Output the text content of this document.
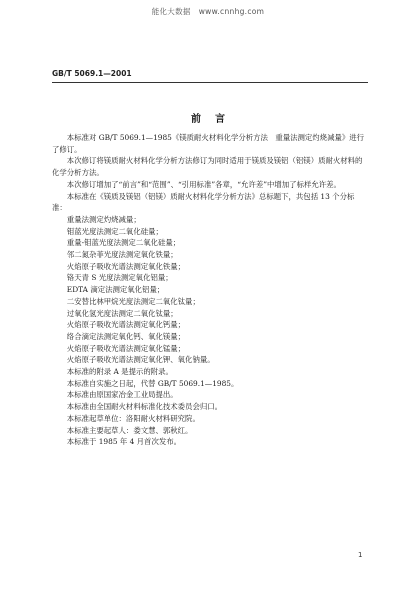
能化大数据   www.cnnhg.com
GB/T 5069.1—2001
前言

本标准对 GB/T 5069.1—1985《镁质耐火材料化学分析方法　重量法测定灼烧减量》进行了修订。

本次修订将镁质耐火材料化学分析方法修订为同时适用于镁质及镁铝（铝镁）质耐火材料的化学分析方法。

本次修订增加了“前言”和“范围”、“引用标准”各章，“允许差”中增加了标样允许差。

本标准在《镁质及镁铝（铝镁）质耐火材料化学分析方法》总标题下，共包括 13 个分标准：

重量法测定灼烧减量；

钼蓝光度法测定二氧化硅量；

重量-钼蓝光度法测定二氧化硅量；

邻二氮杂菲光度法测定氧化铁量；

火焰原子吸收光谱法测定氧化铁量；

铬天青 S 光度法测定氧化铝量；

EDTA 滴定法测定氧化铝量；

二安替比林甲烷光度法测定二氧化钛量；

过氧化氢光度法测定二氧化钛量；

火焰原子吸收光谱法测定氧化钙量；

络合滴定法测定氧化钙、氧化镁量；

火焰原子吸收光谱法测定氧化锰量；

火焰原子吸收光谱法测定氧化钾、氧化钠量。

本标准的附录 A 是提示的附录。

本标准自实施之日起，代替 GB/T 5069.1—1985。

本标准由原国家冶金工业局提出。

本标准由全国耐火材料标准化技术委员会归口。

本标准起草单位：洛阳耐火材料研究院。

本标准主要起草人：娄文慧、郭秋红。

本标准于 1985 年 4 月首次发布。

1
